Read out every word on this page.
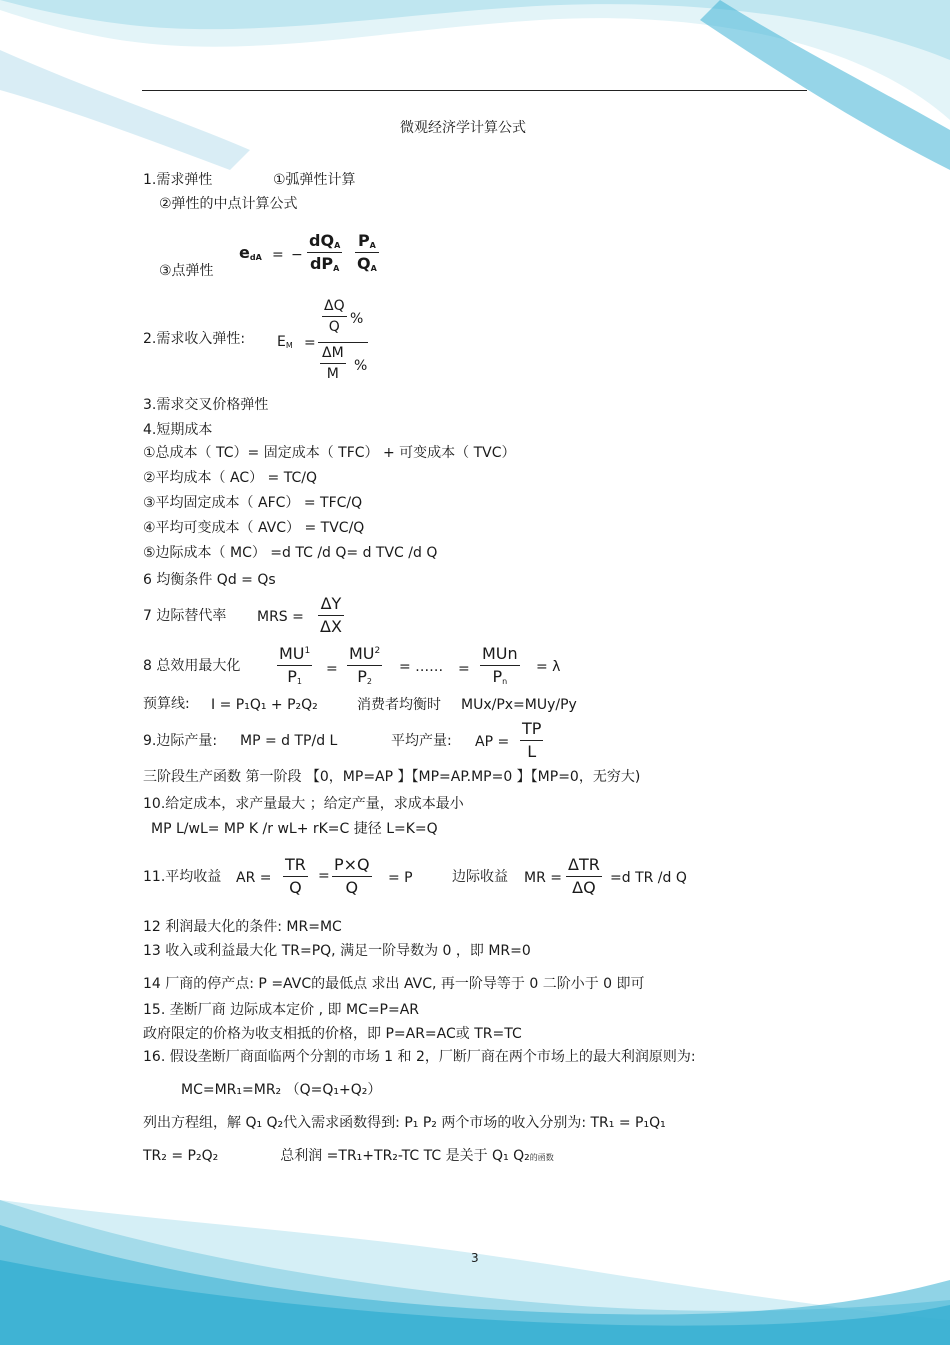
微观经济学计算公式
1.需求弹性	①弧弹性计算
②弹性的中点计算公式
③点弹性
edA = −
dQA
dPA
PA
QA
2.需求收入弹性: EM =
ΔQ
Q %
ΔM
M %
3.需求交叉价格弹性
4.短期成本
①总成本（ TC）= 固定成本（ TFC） + 可变成本（ TVC）
②平均成本（ AC） = TC/Q
③平均固定成本（ AFC） = TFC/Q
④平均可变成本（ AVC） = TVC/Q
⑤边际成本（ MC） =d TC /d Q= d TVC /d Q
6 均衡条件 Qd = Qs
7 边际替代率 MRS =
ΔY
ΔX
8 总效用最大化
$MU^1$
P1
=
$MU^2$
P2
= …… =
MUn
Pn
= λ
预算线: I = P₁Q₁ + P₂Q₂	消费者均衡时 MUx/Px=MUy/Py
9.边际产量: MP = d TP/d L	平均产量: AP =
TP
L
三阶段生产函数 第一阶段 【0，MP=AP 】【MP=AP.MP=0 】【MP=0，无穷大)
10.给定成本，求产量最大 ；给定产量，求成本最小
MP L/wL= MP K /r wL+ rK=C 捷径 L=K=Q
11.平均收益 AR =
TR
Q
=
P×Q
Q = P	边际收益 MR =
ΔTR
ΔQ =d TR /d Q
12 利润最大化的条件: MR=MC
13 收入或利益最大化 TR=PQ, 满足一阶导数为 0 ，即 MR=0
14 厂商的停产点: P =AVC的最低点 求出 AVC, 再一阶导等于 0 二阶小于 0 即可
15. 垄断厂商 边际成本定价 , 即 MC=P=AR
政府限定的价格为收支相抵的价格，即 P=AR=AC或 TR=TC
16. 假设垄断厂商面临两个分割的市场 1 和 2，厂断厂商在两个市场上的最大利润原则为:
MC=MR₁=MR₂ （Q=Q₁+Q₂）
列出方程组，解 Q₁ Q₂代入需求函数得到: P₁ P₂ 两个市场的收入分别为: TR₁ = P₁Q₁
TR₂ = P₂Q₂	总利润 =TR₁+TR₂-TC TC 是关于 Q₁ Q₂的函数
3
